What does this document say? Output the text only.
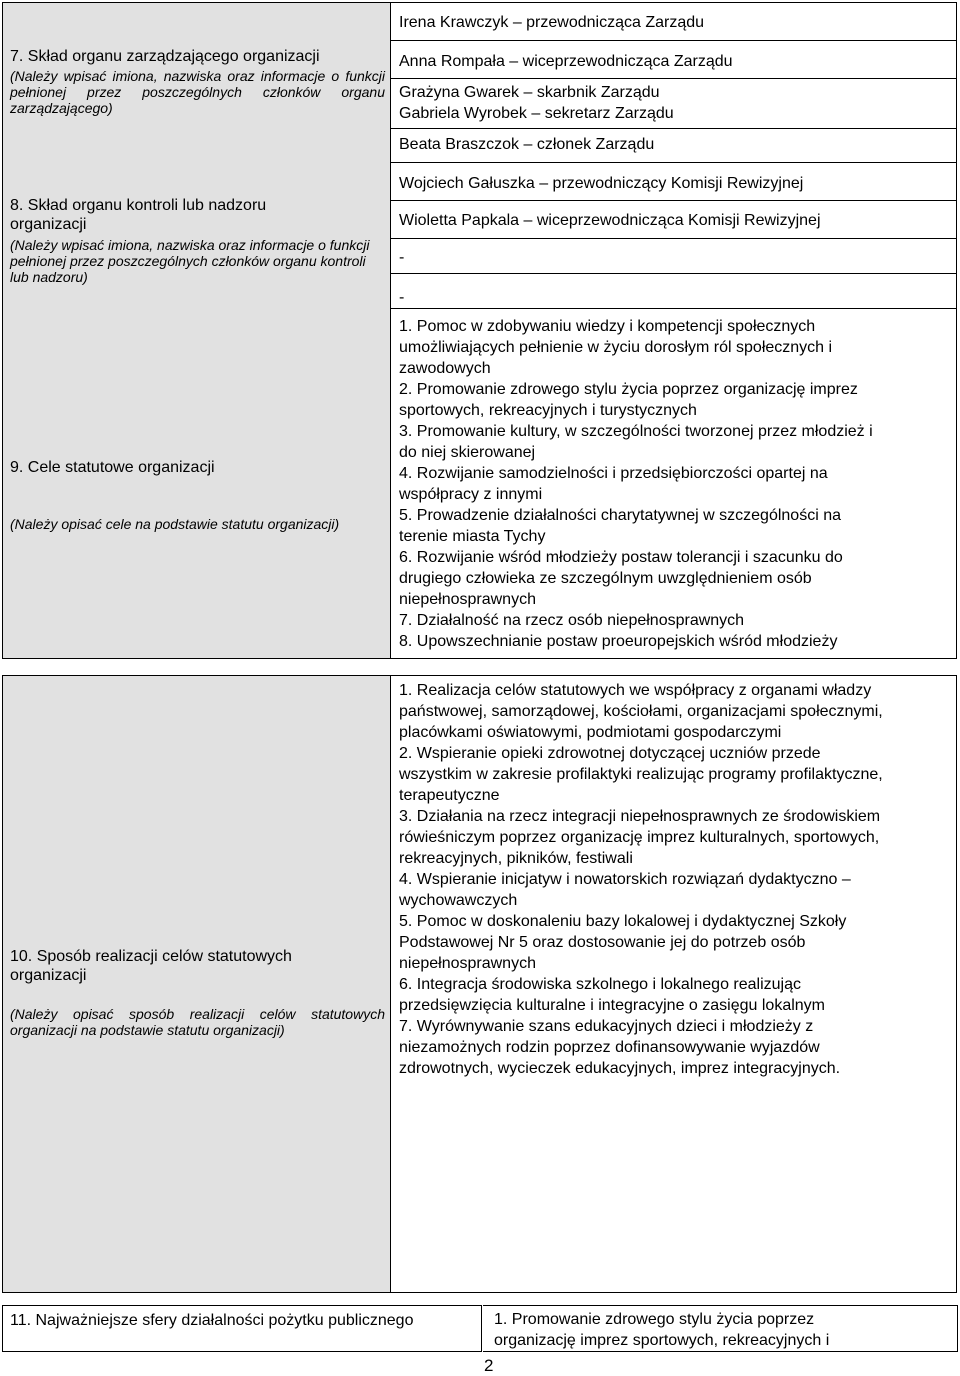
7. Skład organu zarządzającego organizacji
(Należy wpisać imiona, nazwiska oraz informacje o funkcji
pełnionej przez poszczególnych członków organu
zarządzającego)
Irena Krawczyk – przewodnicząca Zarządu
Anna Rompała – wiceprzewodnicząca Zarządu
Grażyna Gwarek – skarbnik Zarządu
Gabriela Wyrobek – sekretarz Zarządu
Beata Braszczok – członek Zarządu
8. Skład organu kontroli lub nadzoru
organizacji
(Należy wpisać imiona, nazwiska oraz informacje o funkcji
pełnionej przez poszczególnych członków organu kontroli
lub nadzoru)
Wojciech Gałuszka – przewodniczący Komisji Rewizyjnej
Wioletta Papkala – wiceprzewodnicząca Komisji Rewizyjnej
-
-
9. Cele statutowe organizacji
(Należy opisać cele na podstawie statutu organizacji)

1. Pomoc w zdobywaniu wiedzy i kompetencji społecznych

umożliwiających pełnienie w życiu dorosłym ról społecznych i

zawodowych

2. Promowanie zdrowego stylu życia poprzez organizację imprez

sportowych, rekreacyjnych i turystycznych

3. Promowanie kultury, w szczególności tworzonej przez młodzież i

do niej skierowanej

4. Rozwijanie samodzielności i przedsiębiorczości opartej na

współpracy z innymi

5. Prowadzenie działalności charytatywnej w szczególności na

terenie miasta Tychy

6. Rozwijanie wśród młodzieży postaw tolerancji i szacunku do

drugiego człowieka ze szczególnym uwzględnieniem osób

niepełnosprawnych

7. Działalność na rzecz osób niepełnosprawnych

8. Upowszechnianie postaw proeuropejskich wśród młodzieży

10. Sposób realizacji celów statutowych
organizacji
(Należy opisać sposób realizacji celów statutowych
organizacji na podstawie statutu organizacji)

1. Realizacja celów statutowych we współpracy z organami władzy

państwowej, samorządowej, kościołami, organizacjami społecznymi,

placówkami oświatowymi, podmiotami gospodarczymi

2. Wspieranie opieki zdrowotnej dotyczącej uczniów przede

wszystkim w zakresie profilaktyki realizując programy profilaktyczne,

terapeutyczne

3. Działania na rzecz integracji niepełnosprawnych ze środowiskiem

rówieśniczym poprzez organizację imprez kulturalnych, sportowych,

rekreacyjnych, pikników, festiwali

4. Wspieranie inicjatyw i nowatorskich rozwiązań dydaktyczno –

wychowawczych

5. Pomoc w doskonaleniu bazy lokalowej i dydaktycznej Szkoły

Podstawowej Nr 5 oraz dostosowanie jej do potrzeb osób

niepełnosprawnych

6. Integracja środowiska szkolnego i lokalnego realizując

przedsięwzięcia kulturalne i integracyjne o zasięgu lokalnym

7. Wyrównywanie szans edukacyjnych dzieci i młodzieży z

niezamożnych rodzin poprzez dofinansowywanie wyjazdów

zdrowotnych, wycieczek edukacyjnych, imprez integracyjnych.

11. Najważniejsze sfery działalności pożytku publicznego	1. Promowanie zdrowego stylu życia poprzez

organizację imprez sportowych, rekreacyjnych i

2
